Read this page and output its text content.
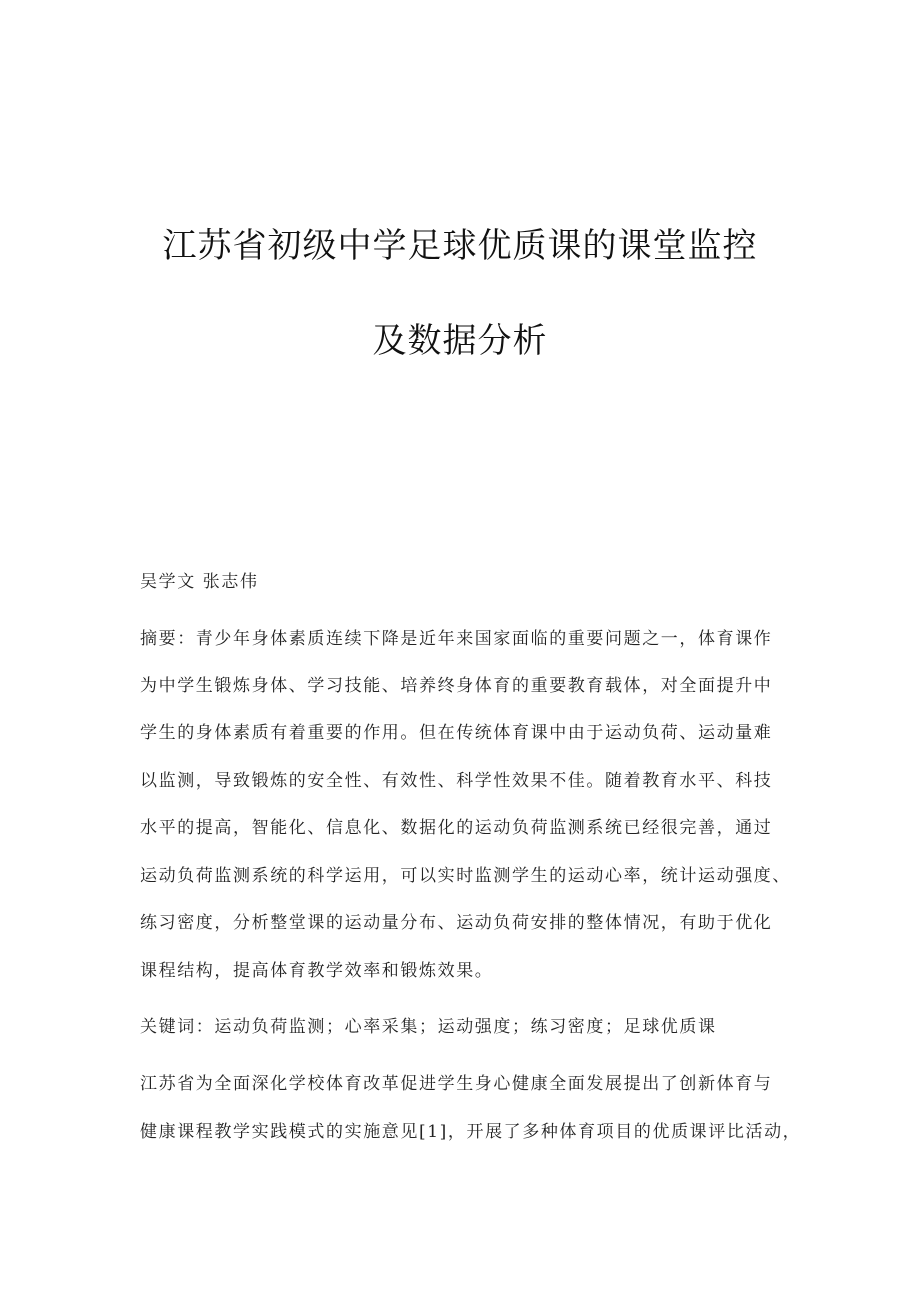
江苏省初级中学足球优质课的课堂监控
及数据分析
吴学文 张志伟
摘要：青少年身体素质连续下降是近年来国家面临的重要问题之一，体育课作
为中学生锻炼身体、学习技能、培养终身体育的重要教育载体，对全面提升中
学生的身体素质有着重要的作用。但在传统体育课中由于运动负荷、运动量难
以监测，导致锻炼的安全性、有效性、科学性效果不佳。随着教育水平、科技
水平的提高，智能化、信息化、数据化的运动负荷监测系统已经很完善，通过
运动负荷监测系统的科学运用，可以实时监测学生的运动心率，统计运动强度、
练习密度，分析整堂课的运动量分布、运动负荷安排的整体情况，有助于优化
课程结构，提高体育教学效率和锻炼效果。
关键词：运动负荷监测；心率采集；运动强度；练习密度；足球优质课
江苏省为全面深化学校体育改革促进学生身心健康全面发展提出了创新体育与
健康课程教学实践模式的实施意见[1]，开展了多种体育项目的优质课评比活动，
